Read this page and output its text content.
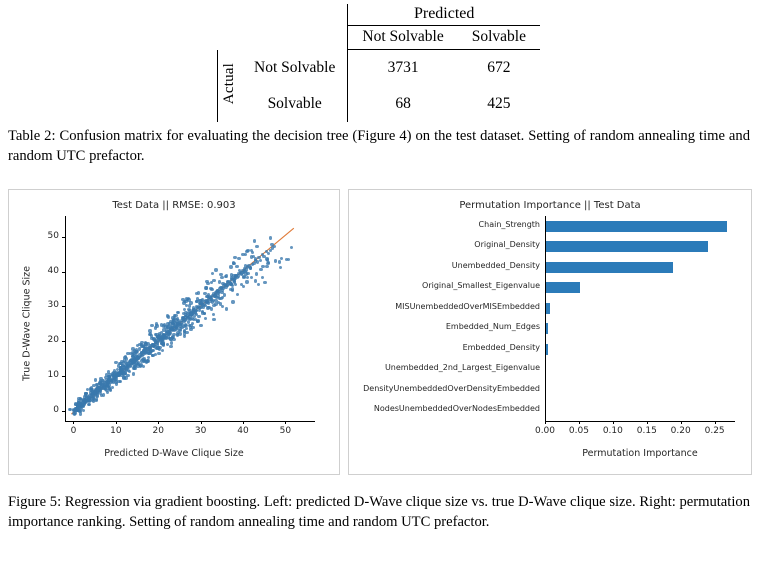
		Predicted	
		Not Solvable	Solvable
Actual	Not Solvable	3731	672
	Solvable	68	425
Table 2: Confusion matrix for evaluating the decision tree (Figure 4) on the test dataset. Setting of random annealing time and random UTC prefactor.
Test Data || RMSE: 0.903
Predicted D-Wave Clique Size
True D-Wave Clique Size
0	10	20	30	40	50
0
10
20
30
40
50
Permutation Importance || Test Data
Chain_Strength
Original_Density
Unembedded_Density
Original_Smallest_Eigenvalue
MISUnembeddedOverMISEmbedded
Embedded_Num_Edges
Embedded_Density
Unembedded_2nd_Largest_Eigenvalue
DensityUnembeddedOverDensityEmbedded
NodesUnembeddedOverNodesEmbedded
Permutation Importance
0.00	0.05	0.10	0.15	0.20	0.25
Figure 5: Regression via gradient boosting. Left: predicted D-Wave clique size vs. true D-Wave clique size. Right: permutation importance ranking. Setting of random annealing time and random UTC prefactor.
